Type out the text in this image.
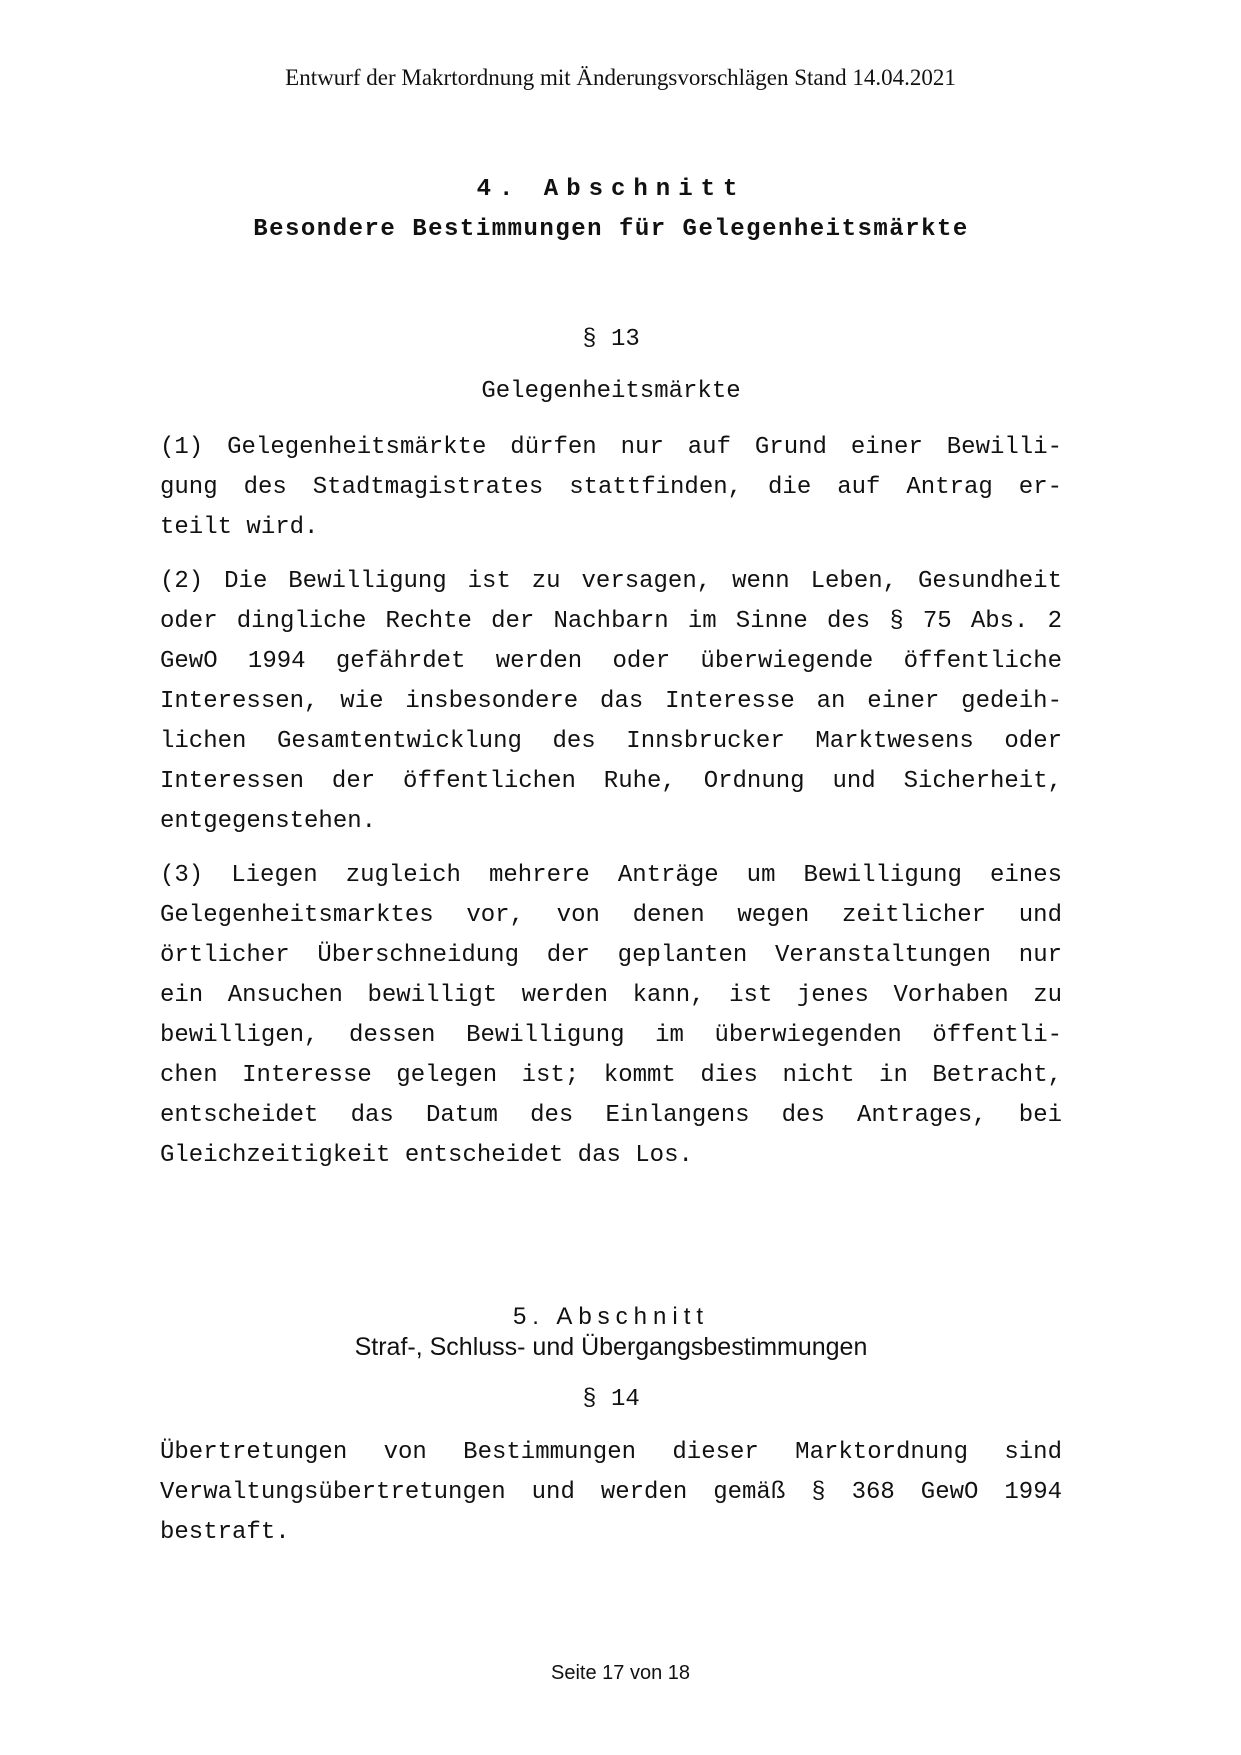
Entwurf der Makrtordnung mit Änderungsvorschlägen Stand 14.04.2021
4. Abschnitt
Besondere Bestimmungen für Gelegenheitsmärkte
§ 13
Gelegenheitsmärkte
(1) Gelegenheitsmärkte dürfen nur auf Grund einer Bewilli-
gung des Stadtmagistrates stattfinden, die auf Antrag er-
teilt wird.
(2) Die Bewilligung ist zu versagen, wenn Leben, Gesundheit
oder dingliche Rechte der Nachbarn im Sinne des § 75 Abs. 2
GewO 1994 gefährdet werden oder überwiegende öffentliche
Interessen, wie insbesondere das Interesse an einer gedeih-
lichen Gesamtentwicklung des Innsbrucker Marktwesens oder
Interessen der öffentlichen Ruhe, Ordnung und Sicherheit,
entgegenstehen.
(3) Liegen zugleich mehrere Anträge um Bewilligung eines
Gelegenheitsmarktes vor, von denen wegen zeitlicher und
örtlicher Überschneidung der geplanten Veranstaltungen nur
ein Ansuchen bewilligt werden kann, ist jenes Vorhaben zu
bewilligen, dessen Bewilligung im überwiegenden öffentli-
chen Interesse gelegen ist; kommt dies nicht in Betracht,
entscheidet das Datum des Einlangens des Antrages, bei
Gleichzeitigkeit entscheidet das Los.
5. Abschnitt
Straf-, Schluss- und Übergangsbestimmungen
§ 14
Übertretungen von Bestimmungen dieser Marktordnung sind
Verwaltungsübertretungen und werden gemäß § 368 GewO 1994
bestraft.
Seite 17 von 18
